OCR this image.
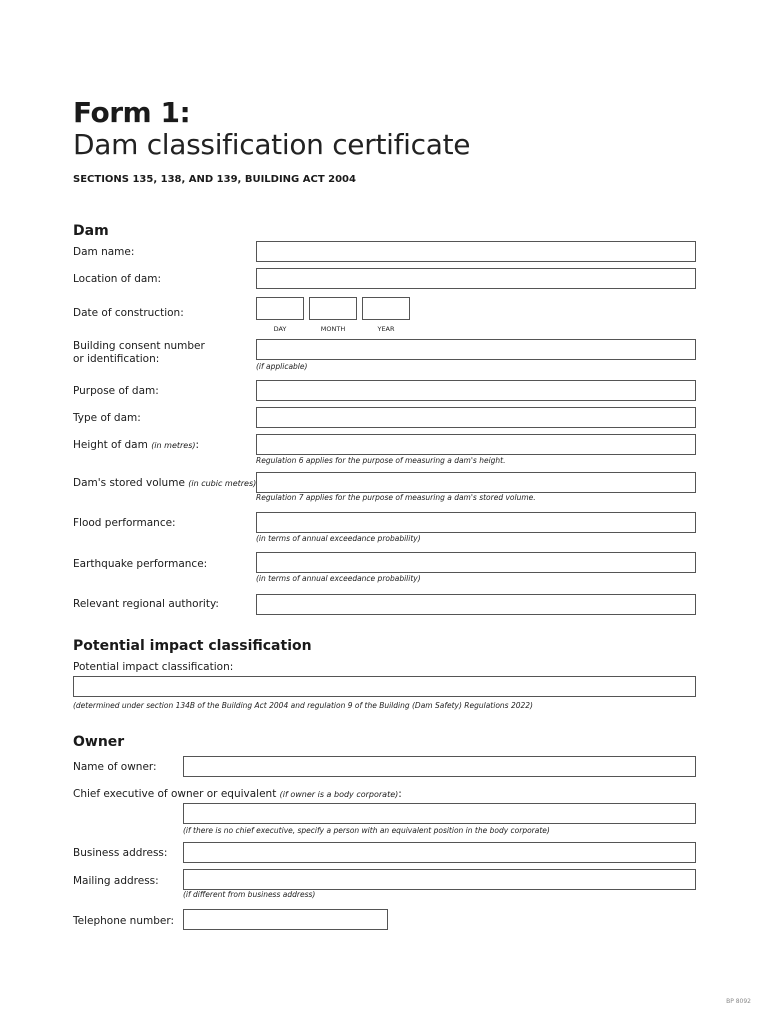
Form 1:
Dam classification certificate
SECTIONS 135, 138, AND 139, BUILDING ACT 2004
Dam
Dam name:
Location of dam:
Date of construction:
DAY	MONTH	YEAR
Building consent number
or identification:
(if applicable)
Purpose of dam:
Type of dam:
Height of dam (in metres):
Regulation 6 applies for the purpose of measuring a dam's height.
Dam's stored volume (in cubic metres)
Regulation 7 applies for the purpose of measuring a dam's stored volume.
Flood performance:
(in terms of annual exceedance probability)
Earthquake performance:
(in terms of annual exceedance probability)
Relevant regional authority:
Potential impact classification
Potential impact classification:
(determined under section 134B of the Building Act 2004 and regulation 9 of the Building (Dam Safety) Regulations 2022)
Owner
Name of owner:
Chief executive of owner or equivalent (if owner is a body corporate):
(if there is no chief executive, specify a person with an equivalent position in the body corporate)
Business address:
Mailing address:
(if different from business address)
Telephone number:
BP 8092
